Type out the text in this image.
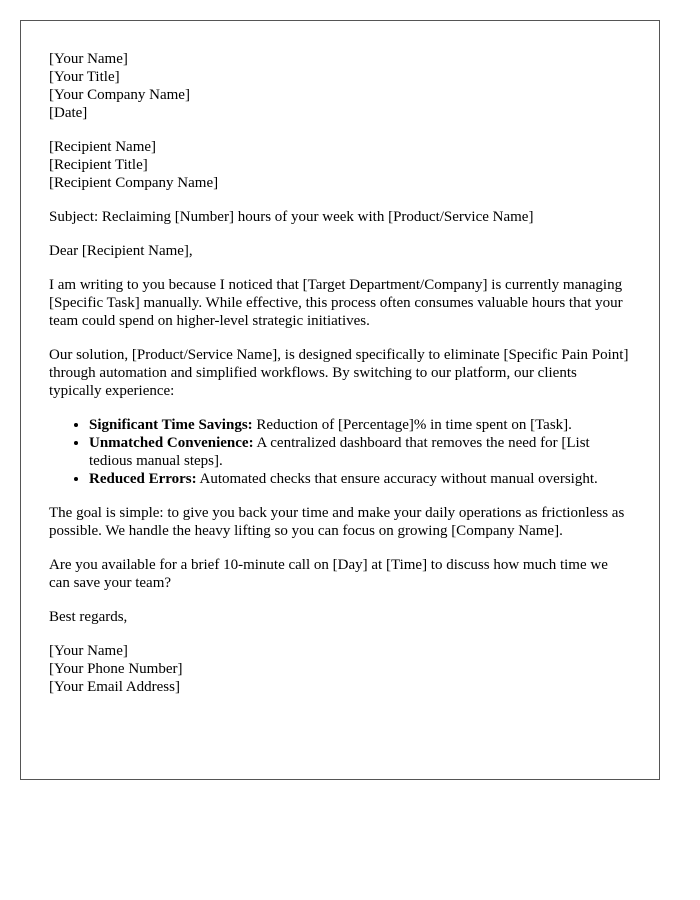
[Your Name]
[Your Title]
[Your Company Name]
[Date]
[Recipient Name]
[Recipient Title]
[Recipient Company Name]

Subject: Reclaiming [Number] hours of your week with [Product/Service Name]

Dear [Recipient Name],

I am writing to you because I noticed that [Target Department/Company] is currently managing [Specific Task] manually. While effective, this process often consumes valuable hours that your team could spend on higher-level strategic initiatives.

Our solution, [Product/Service Name], is designed specifically to eliminate [Specific Pain Point] through automation and simplified workflows. By switching to our platform, our clients typically experience:

• Significant Time Savings: Reduction of [Percentage]% in time spent on [Task].
• Unmatched Convenience: A centralized dashboard that removes the need for [List tedious manual steps].
• Reduced Errors: Automated checks that ensure accuracy without manual oversight.

The goal is simple: to give you back your time and make your daily operations as frictionless as possible. We handle the heavy lifting so you can focus on growing [Company Name].

Are you available for a brief 10-minute call on [Day] at [Time] to discuss how much time we can save your team?

Best regards,

[Your Name]
[Your Phone Number]
[Your Email Address]
